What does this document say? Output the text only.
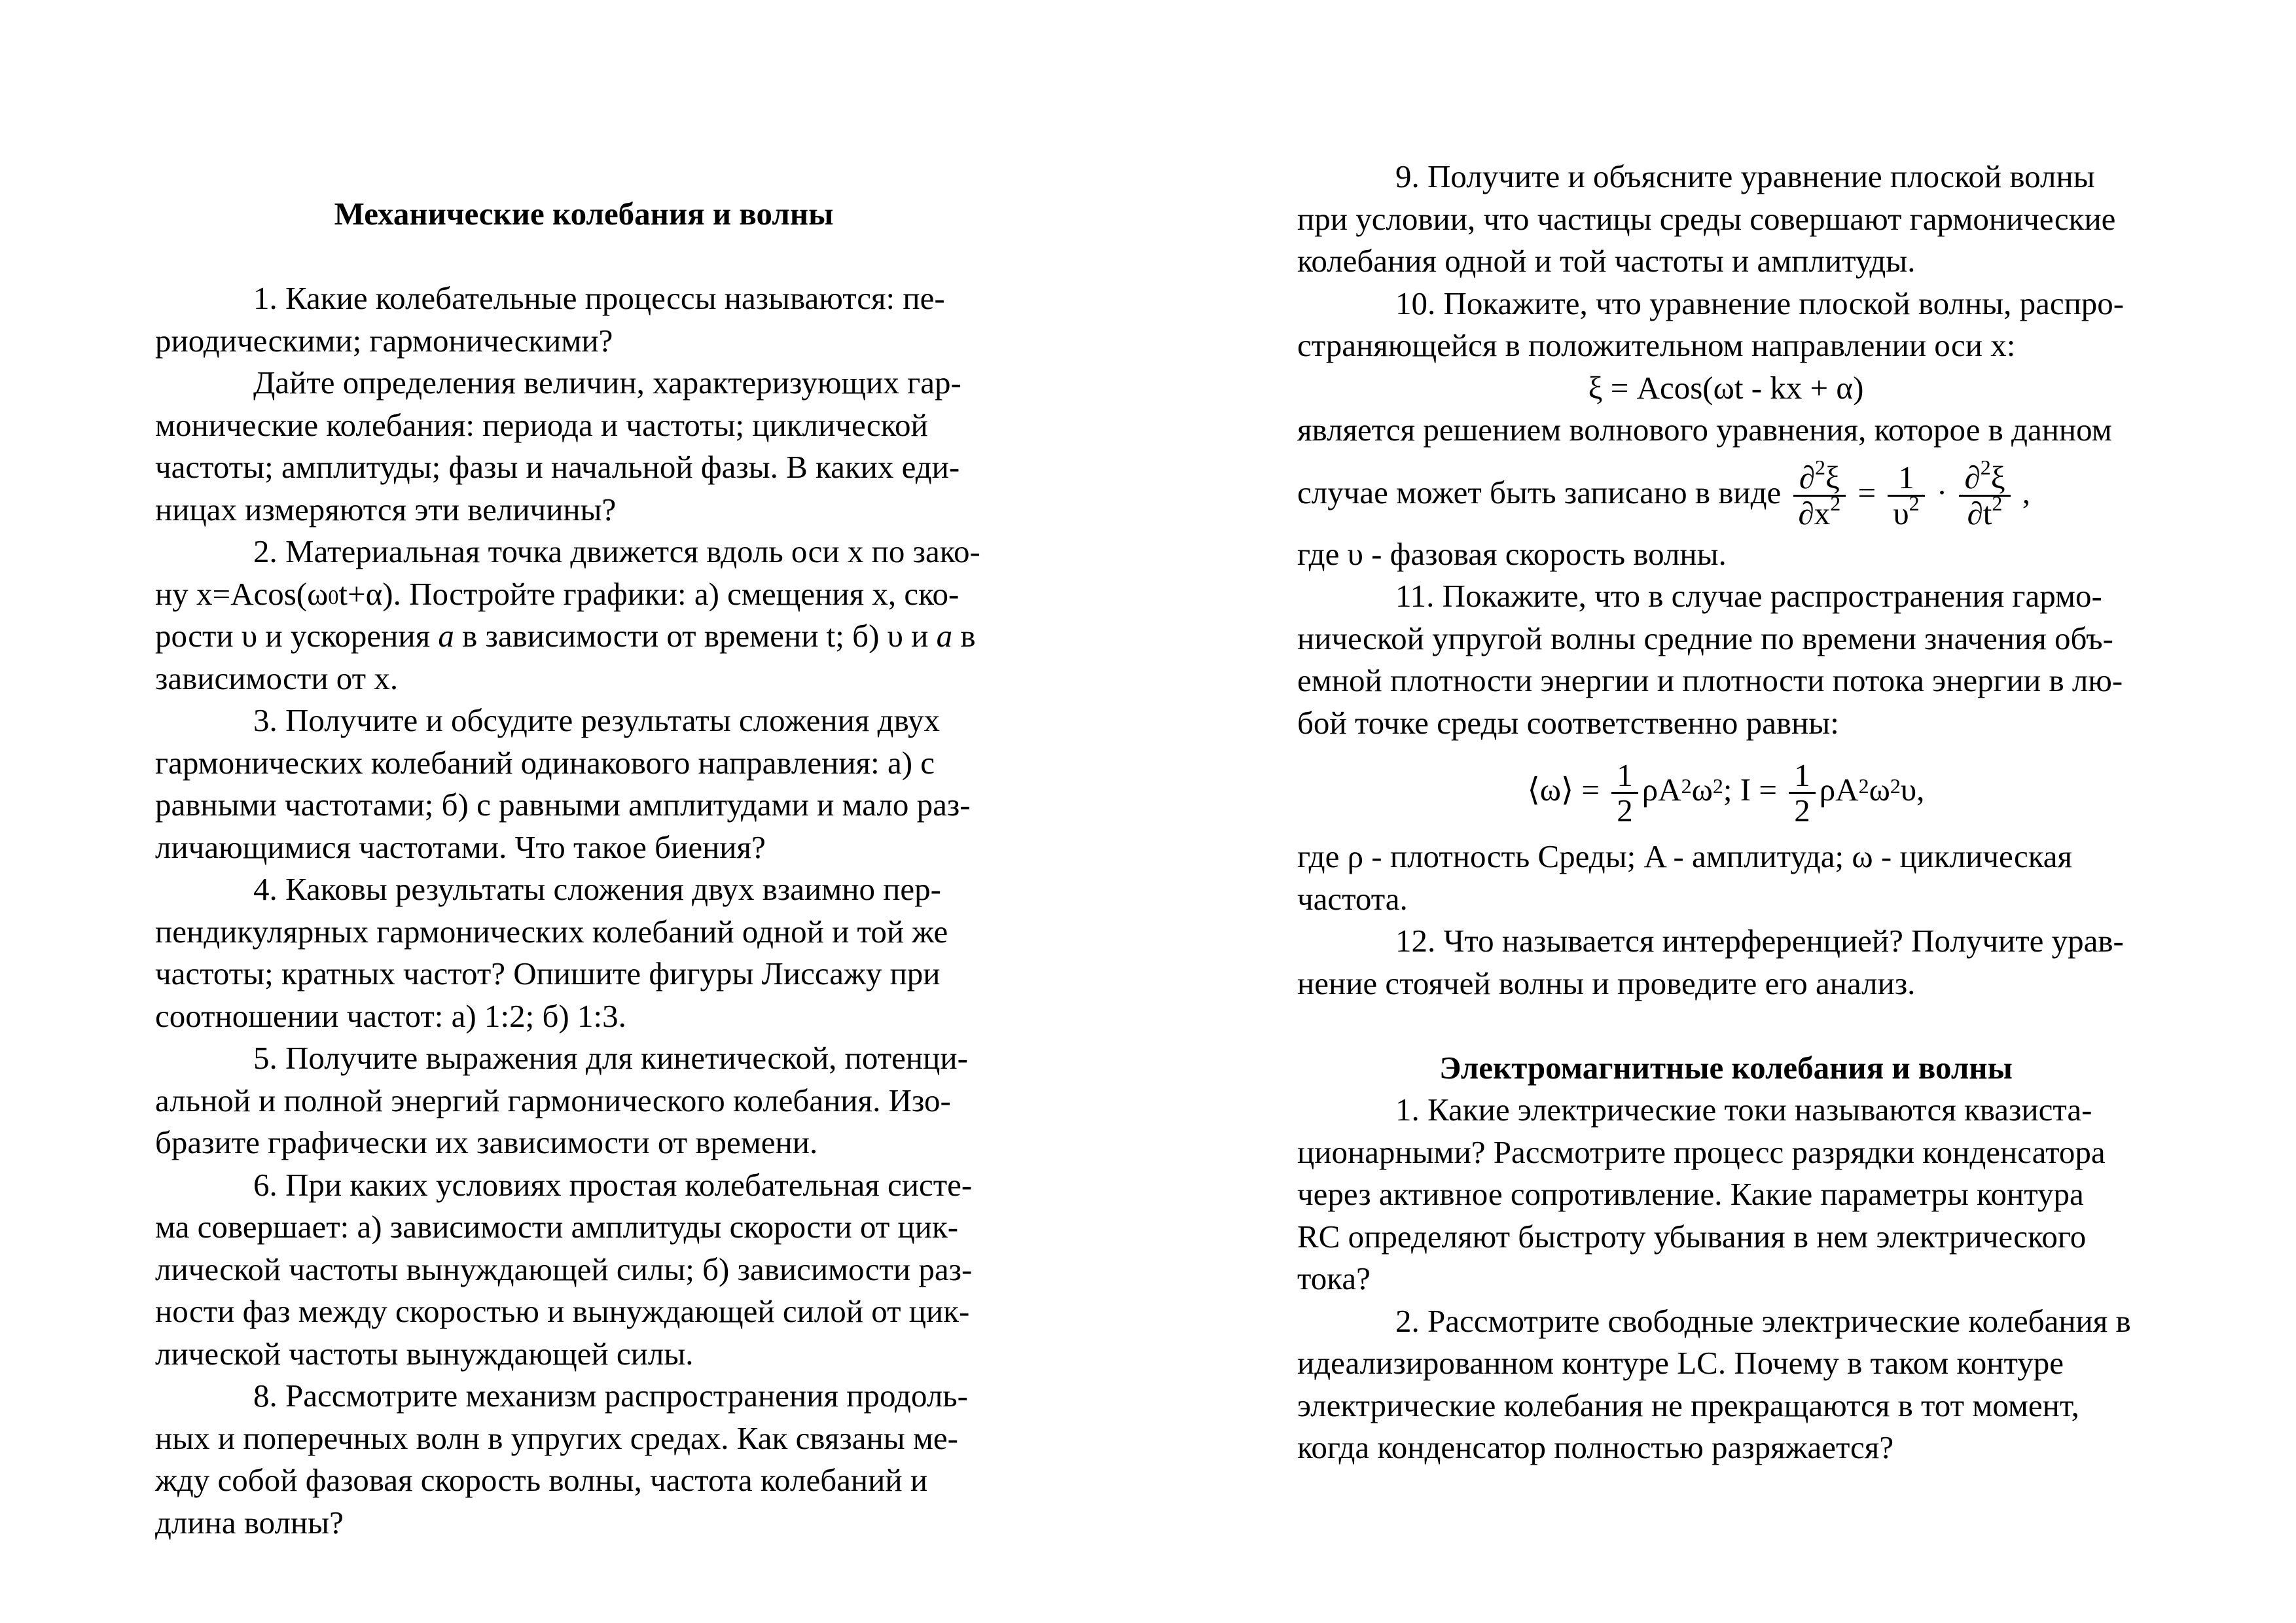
Механические колебания и волны

1. Какие колебательные процессы называются: пе-

риодическими; гармоническими?

Дайте определения величин, характеризующих гар-

монические колебания: периода и частоты; циклической

частоты; амплитуды; фазы и начальной фазы. В каких еди-

ницах измеряются эти величины?

2. Материальная точка движется вдоль оси x по зако-

ну x=Acos(ω0t+α). Постройте графики: а) смещения x, ско-

рости υ и ускорения a в зависимости от времени t; б) υ и a в

зависимости от x.

3. Получите и обсудите результаты сложения двух

гармонических колебаний одинакового направления: а) с

равными частотами; б) с равными амплитудами и мало раз-

личающимися частотами. Что такое биения?

4. Каковы результаты сложения двух взаимно пер-

пендикулярных гармонических колебаний одной и той же

частоты; кратных частот? Опишите фигуры Лиссажу при

соотношении частот: а) 1:2; б) 1:3.

5. Получите выражения для кинетической, потенци-

альной и полной энергий гармонического колебания. Изо-

бразите графически их зависимости от времени.

6. При каких условиях простая колебательная систе-

ма совершает: а) зависимости амплитуды скорости от цик-

лической частоты вынуждающей силы; б) зависимости раз-

ности фаз между скоростью и вынуждающей силой от цик-

лической частоты вынуждающей силы.

8. Рассмотрите механизм распространения продоль-

ных и поперечных волн в упругих средах. Как связаны ме-

жду собой фазовая скорость волны, частота колебаний и

длина волны?

9. Получите и объясните уравнение плоской волны

при условии, что частицы среды совершают гармонические

колебания одной и той частоты и амплитуды.

10. Покажите, что уравнение плоской волны, распро-

страняющейся в положительном направлении оси x:

ξ = Acos(ωt - kx + α)

является решением волнового уравнения, которое в данном

случае может быть записано в виде $\frac{\partial^2\xi}{\partial x^2} = \frac{1}{\upsilon^2} \cdot \frac{\partial^2\xi}{\partial t^2}$ ,

где υ - фазовая скорость волны.

11. Покажите, что в случае распространения гармо-

нической упругой волны средние по времени значения объ-

емной плотности энергии и плотности потока энергии в лю-

бой точке среды соответственно равны:

⟨ω⟩ = $\frac{1}{2} \rho A^2\omega^2$; $I = \frac{1}{2} \rho A^2\omega^2\upsilon$,

где ρ - плотность Среды; A - амплитуда; ω - циклическая

частота.

12. Что называется интерференцией? Получите урав-

нение стоячей волны и проведите его анализ.

Электромагнитные колебания и волны

1. Какие электрические токи называются квазиста-

ционарными? Рассмотрите процесс разрядки конденсатора

через активное сопротивление. Какие параметры контура

RC определяют быстроту убывания в нем электрического

тока?

2. Рассмотрите свободные электрические колебания в

идеализированном контуре LC. Почему в таком контуре

электрические колебания не прекращаются в тот момент,

когда конденсатор полностью разряжается?
